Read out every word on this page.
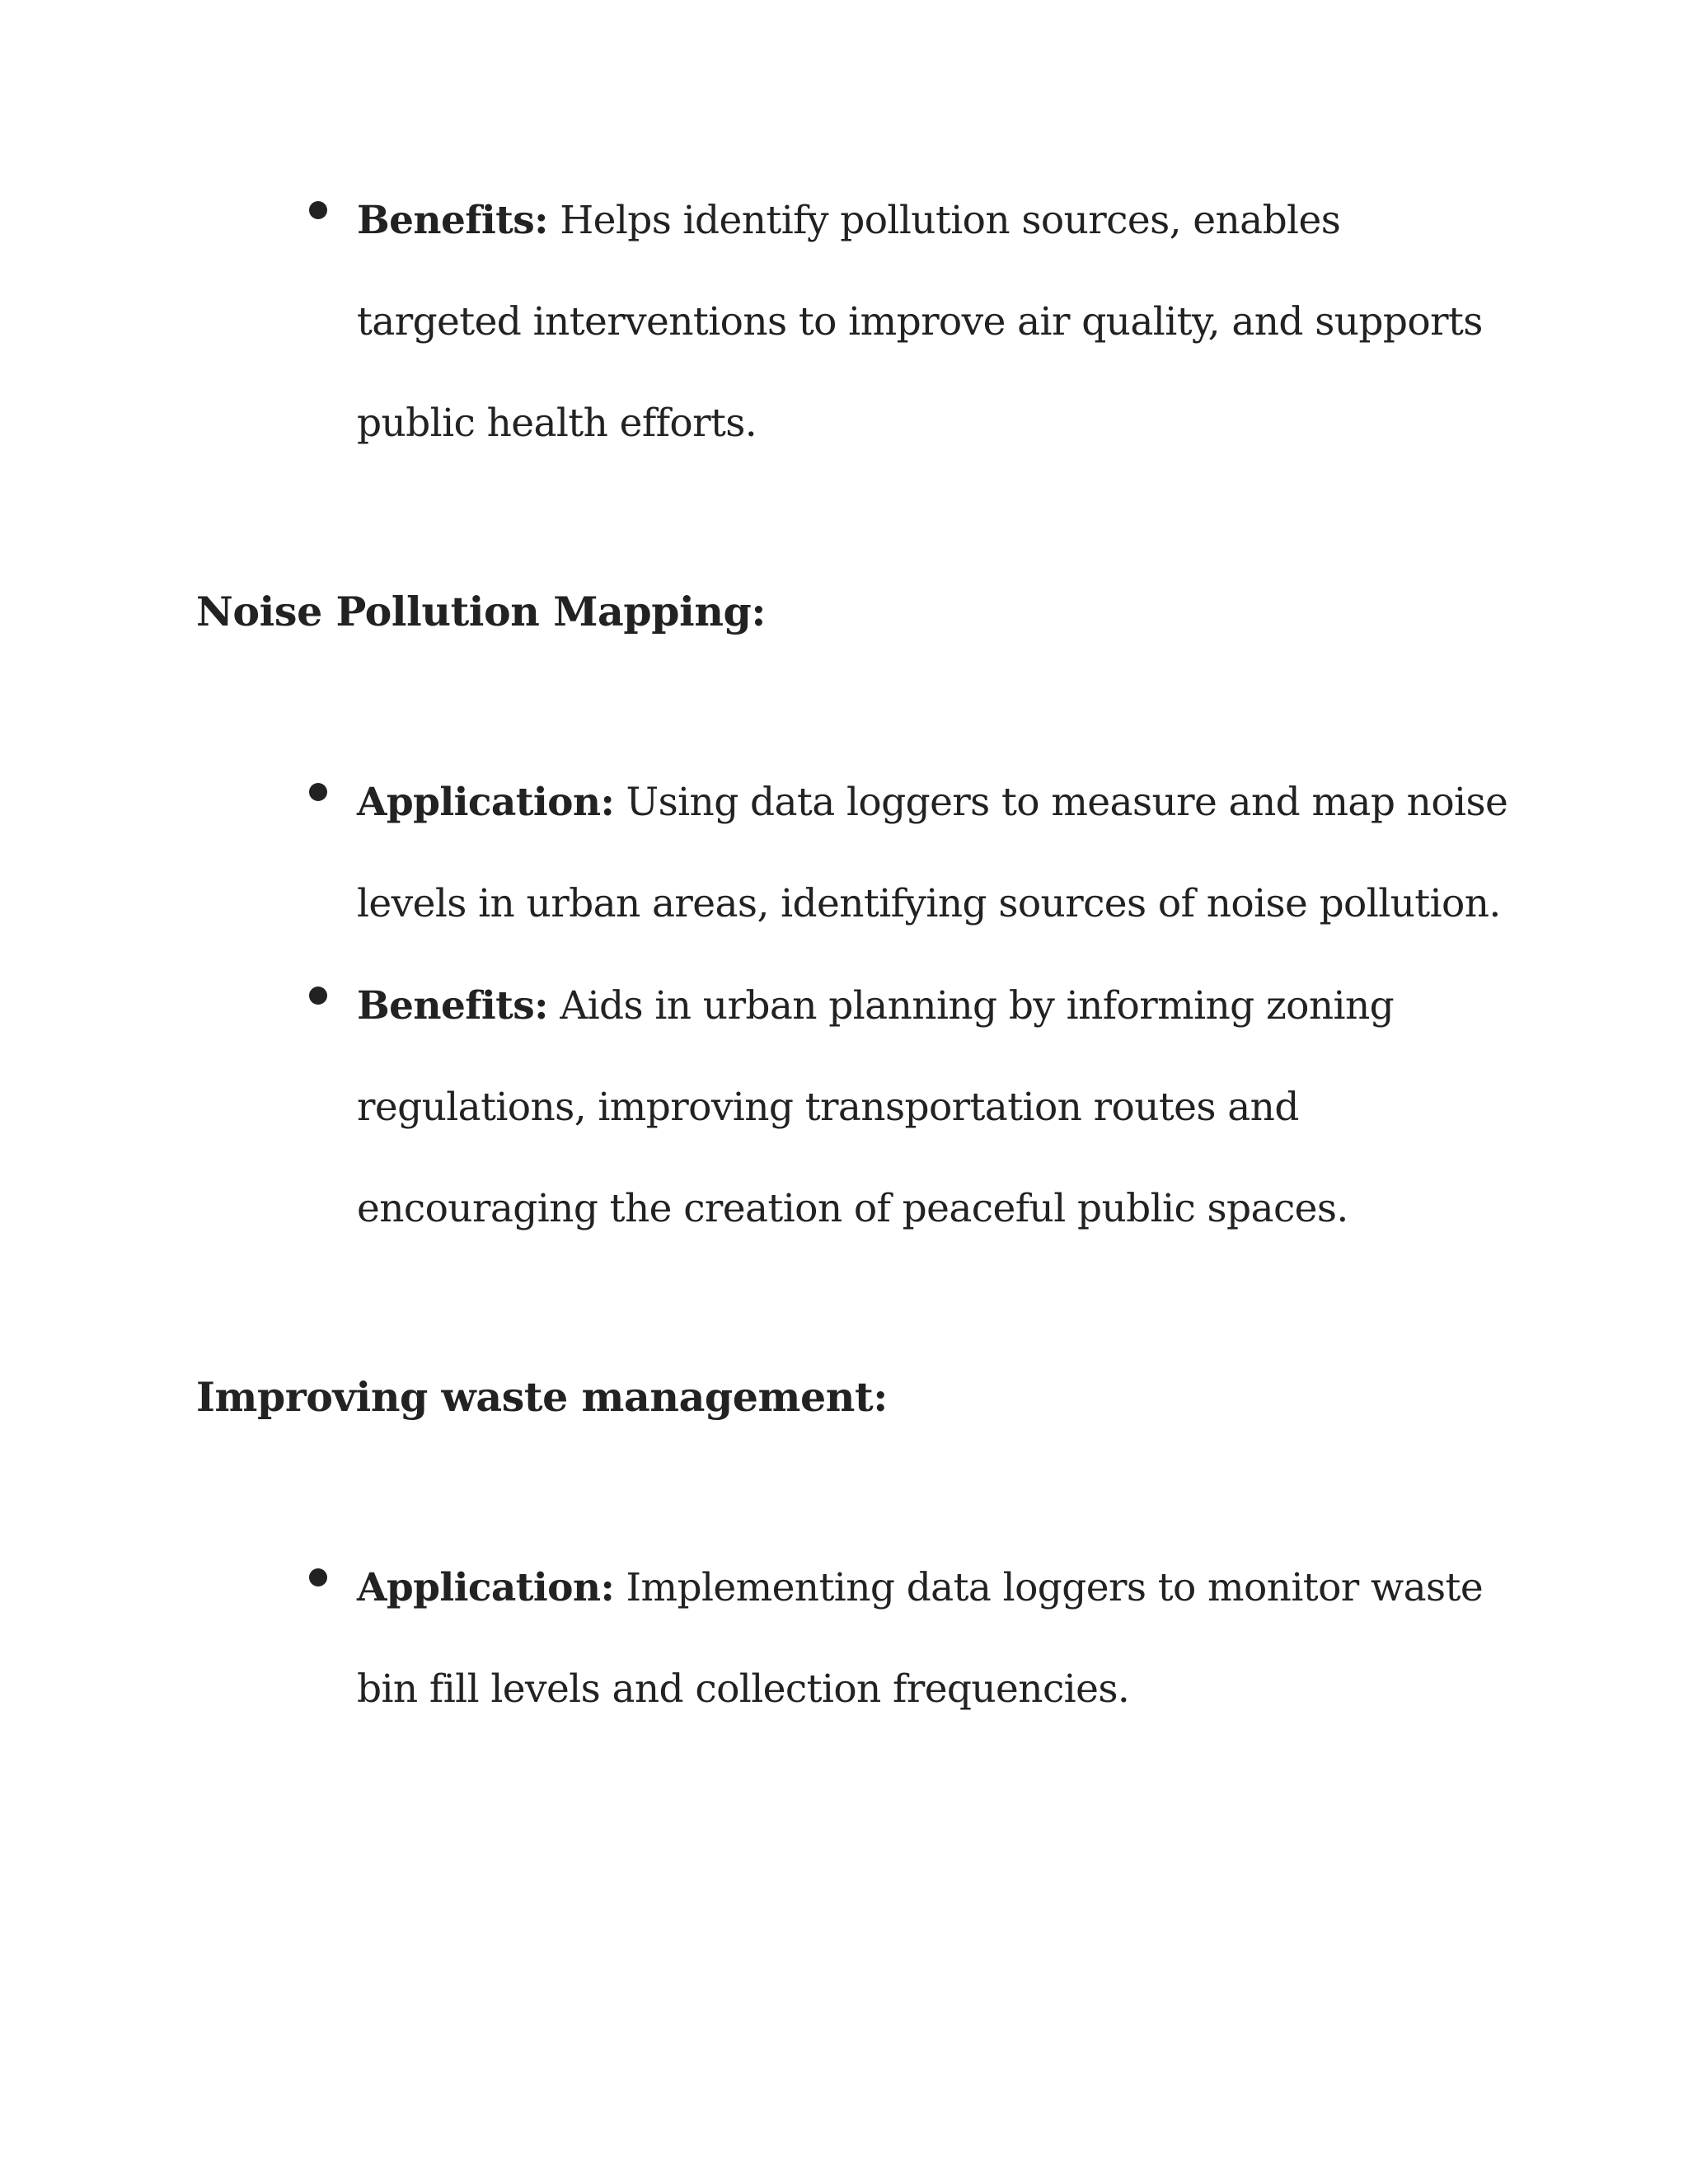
Benefits: Helps identify pollution sources, enables targeted interventions to improve air quality, and supports public health efforts.
Noise Pollution Mapping:
Application: Using data loggers to measure and map noise levels in urban areas, identifying sources of noise pollution.
Benefits: Aids in urban planning by informing zoning regulations, improving transportation routes and encouraging the creation of peaceful public spaces.
Improving waste management:
Application: Implementing data loggers to monitor waste bin fill levels and collection frequencies.
